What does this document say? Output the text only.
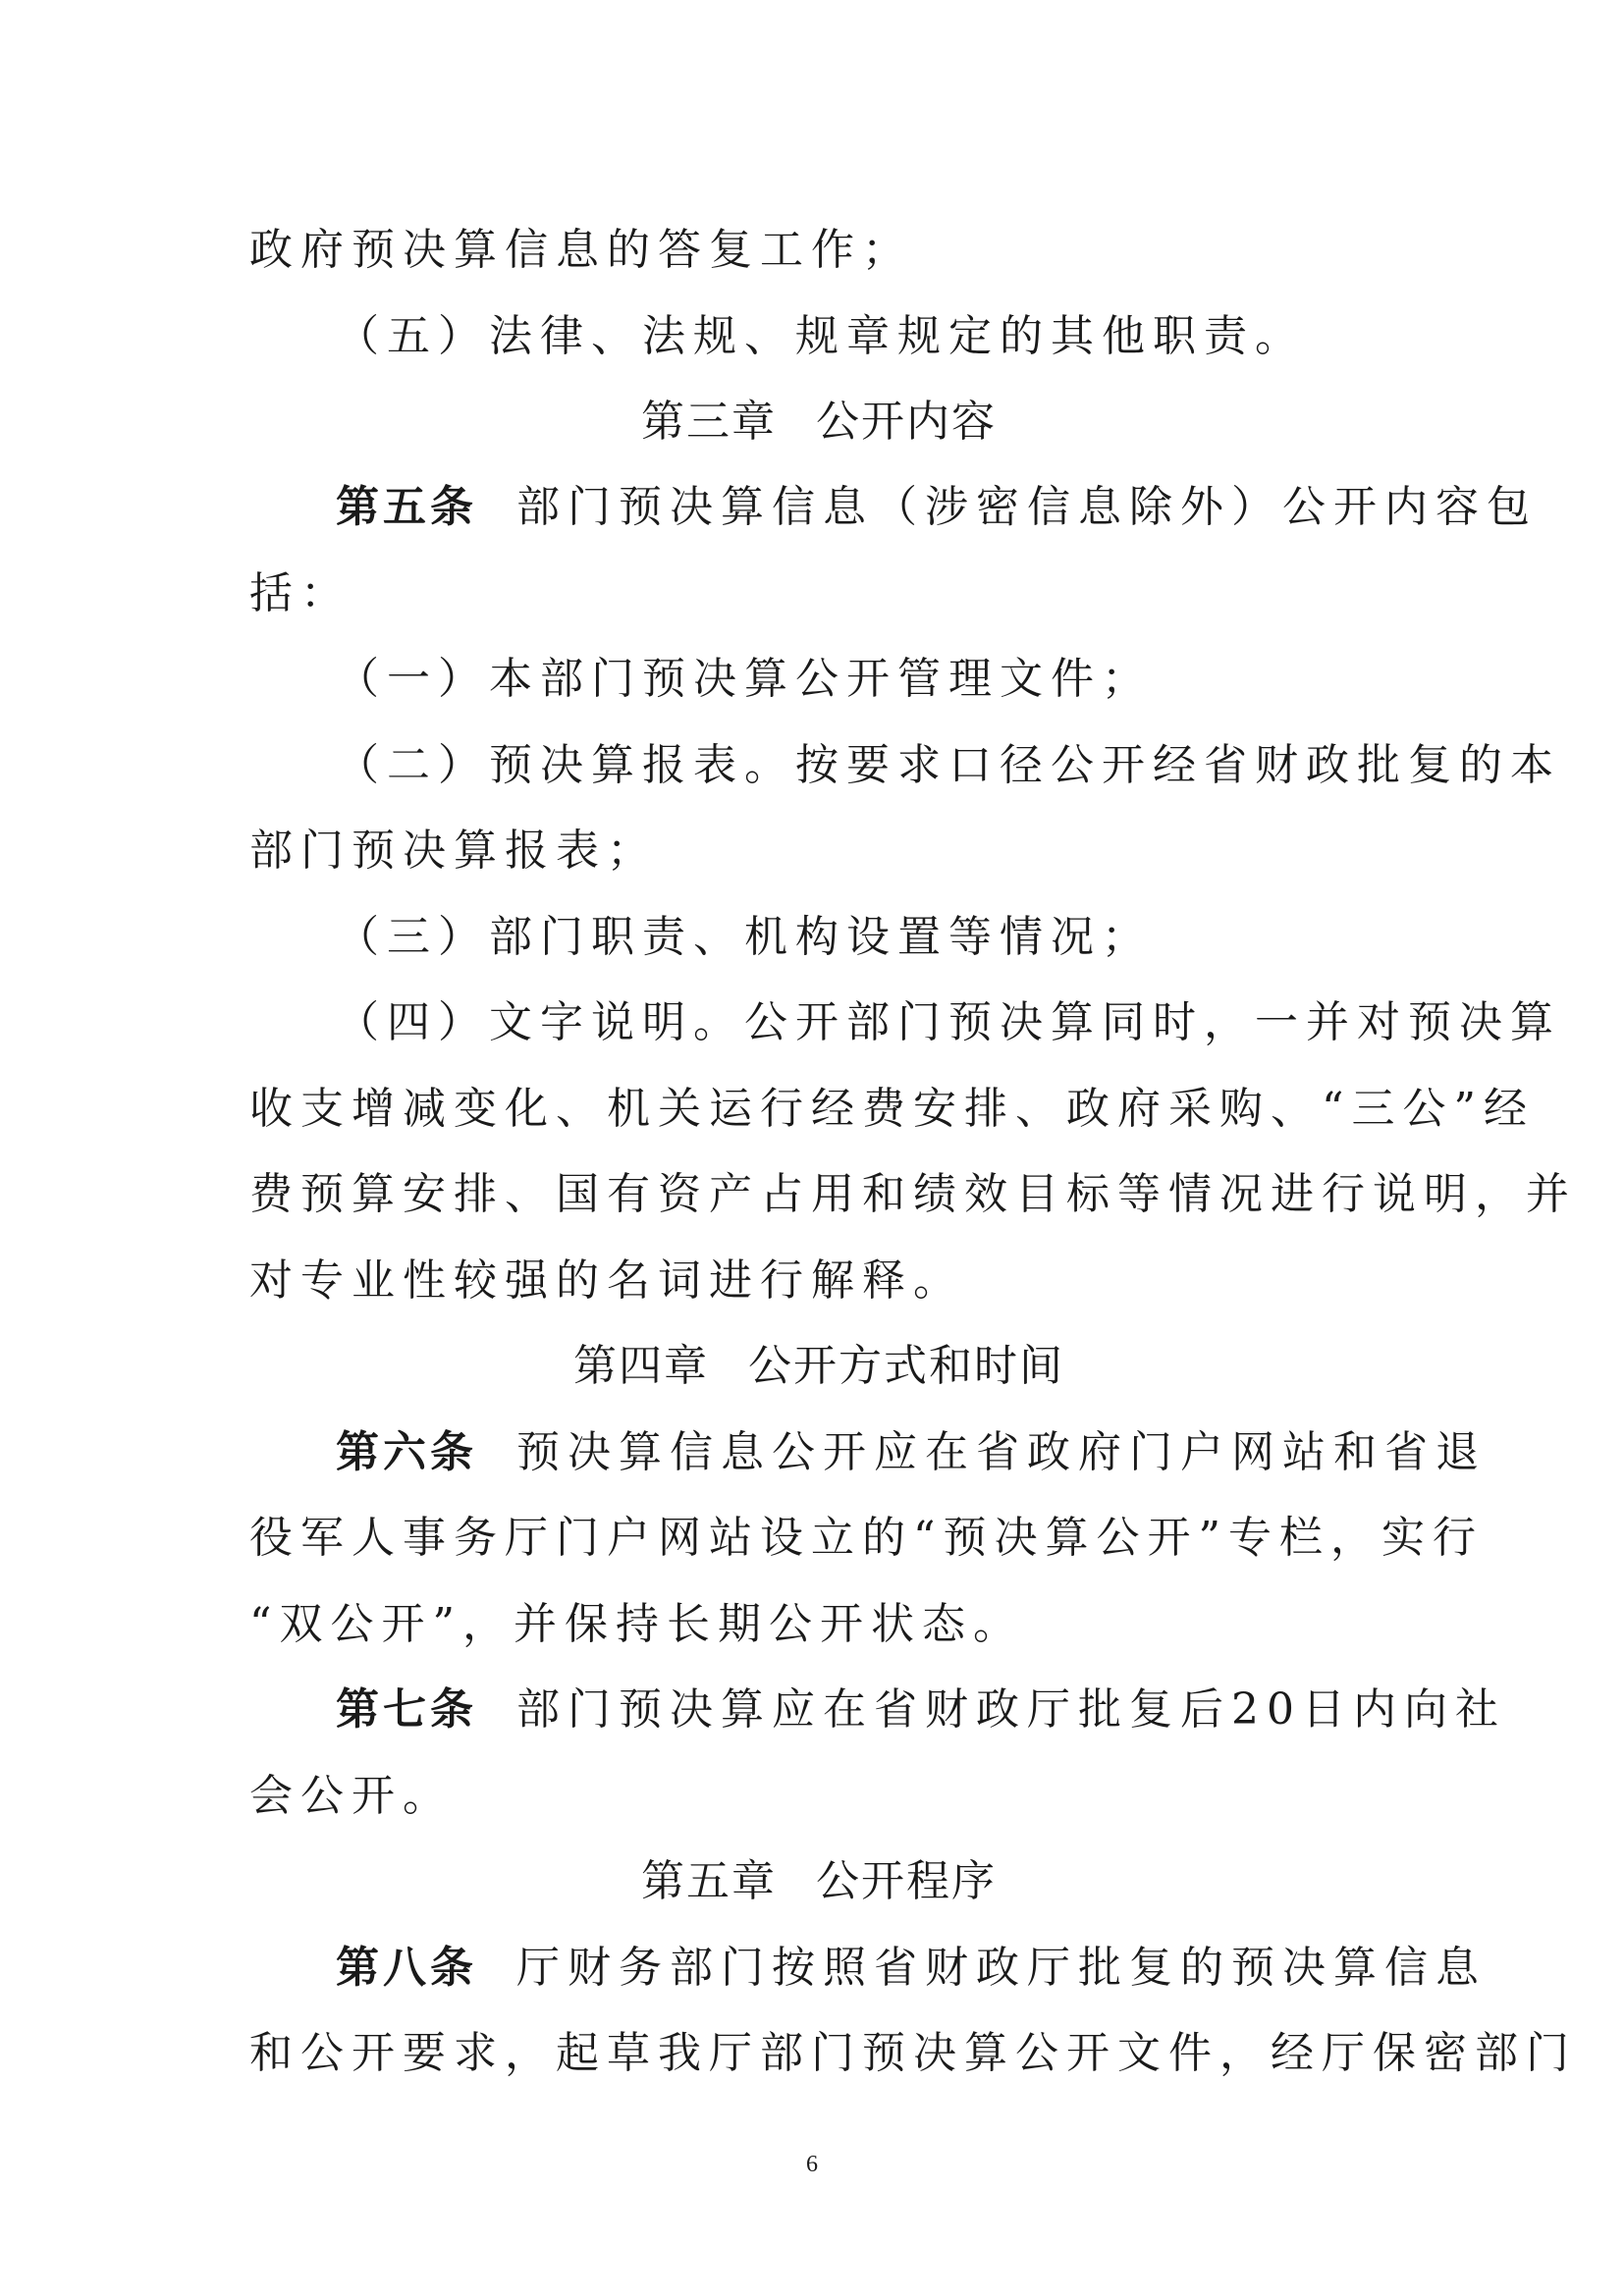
政府预决算信息的答复工作；
（五）法律、法规、规章规定的其他职责。
第三章 公开内容
第五条 部门预决算信息（涉密信息除外）公开内容包
括：
（一）本部门预决算公开管理文件；
（二）预决算报表。按要求口径公开经省财政批复的本
部门预决算报表；
（三）部门职责、机构设置等情况；
（四）文字说明。公开部门预决算同时，一并对预决算
收支增减变化、机关运行经费安排、政府采购、“三公”经
费预算安排、国有资产占用和绩效目标等情况进行说明，并
对专业性较强的名词进行解释。
第四章 公开方式和时间
第六条 预决算信息公开应在省政府门户网站和省退
役军人事务厅门户网站设立的“预决算公开”专栏，实行
“双公开”，并保持长期公开状态。
第七条 部门预决算应在省财政厅批复后20日内向社
会公开。
第五章 公开程序
第八条 厅财务部门按照省财政厅批复的预决算信息
和公开要求，起草我厅部门预决算公开文件，经厅保密部门
6
